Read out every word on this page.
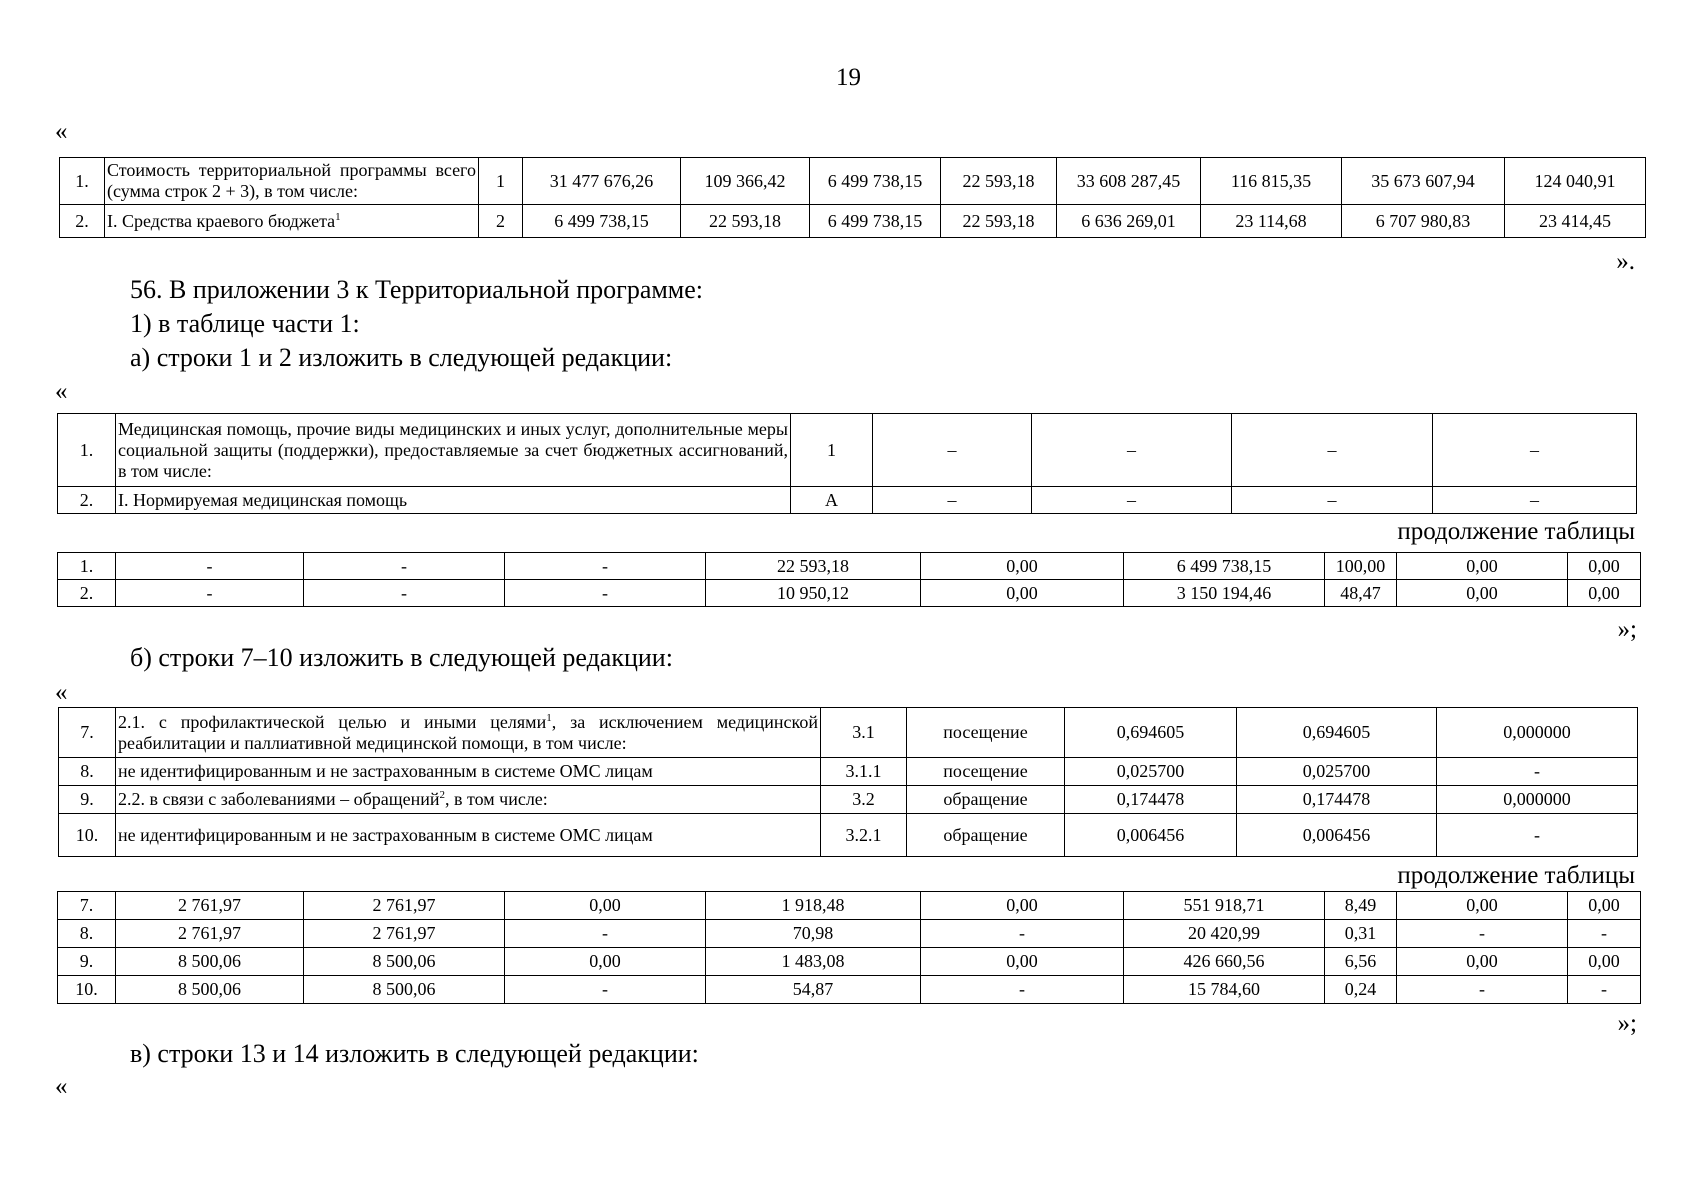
19
«
1.	Стоимость территориальной программы всего (сумма строк 2 + 3), в том числе:	1	31 477 676,26	109 366,42	6 499 738,15	22 593,18	33 608 287,45	116 815,35	35 673 607,94	124 040,91
2.	I. Средства краевого бюджета$^1$	2	6 499 738,15	22 593,18	6 499 738,15	22 593,18	6 636 269,01	23 114,68	6 707 980,83	23 414,45
».
56. В приложении 3 к Территориальной программе:
1) в таблице части 1:
а) строки 1 и 2 изложить в следующей редакции:
«
1.	Медицинская помощь, прочие виды медицинских и иных услуг, дополнительные меры социальной защиты (поддержки), предоставляемые за счет бюджетных ассигнований, в том числе:	1	–	–	–	–
2.	I. Нормируемая медицинская помощь	А	–	–	–	–
продолжение таблицы
1.	-	-	-	22 593,18	0,00	6 499 738,15	100,00	0,00	0,00
2.	-	-	-	10 950,12	0,00	3 150 194,46	48,47	0,00	0,00
»;
б) строки 7–10 изложить в следующей редакции:
«
7.	2.1. с профилактической целью и иными целями$^1$, за исключением медицинской реабилитации и паллиативной медицинской помощи, в том числе:	3.1	посещение	0,694605	0,694605	0,000000
8.	не идентифицированным и не застрахованным в системе ОМС лицам	3.1.1	посещение	0,025700	0,025700	-
9.	2.2. в связи с заболеваниями – обращений$^2$, в том числе:	3.2	обращение	0,174478	0,174478	0,000000
10.	не идентифицированным и не застрахованным в системе ОМС лицам	3.2.1	обращение	0,006456	0,006456	-
продолжение таблицы
7.	2 761,97	2 761,97	0,00	1 918,48	0,00	551 918,71	8,49	0,00	0,00
8.	2 761,97	2 761,97	-	70,98	-	20 420,99	0,31	-	-
9.	8 500,06	8 500,06	0,00	1 483,08	0,00	426 660,56	6,56	0,00	0,00
10.	8 500,06	8 500,06	-	54,87	-	15 784,60	0,24	-	-
»;
в) строки 13 и 14 изложить в следующей редакции:
«
